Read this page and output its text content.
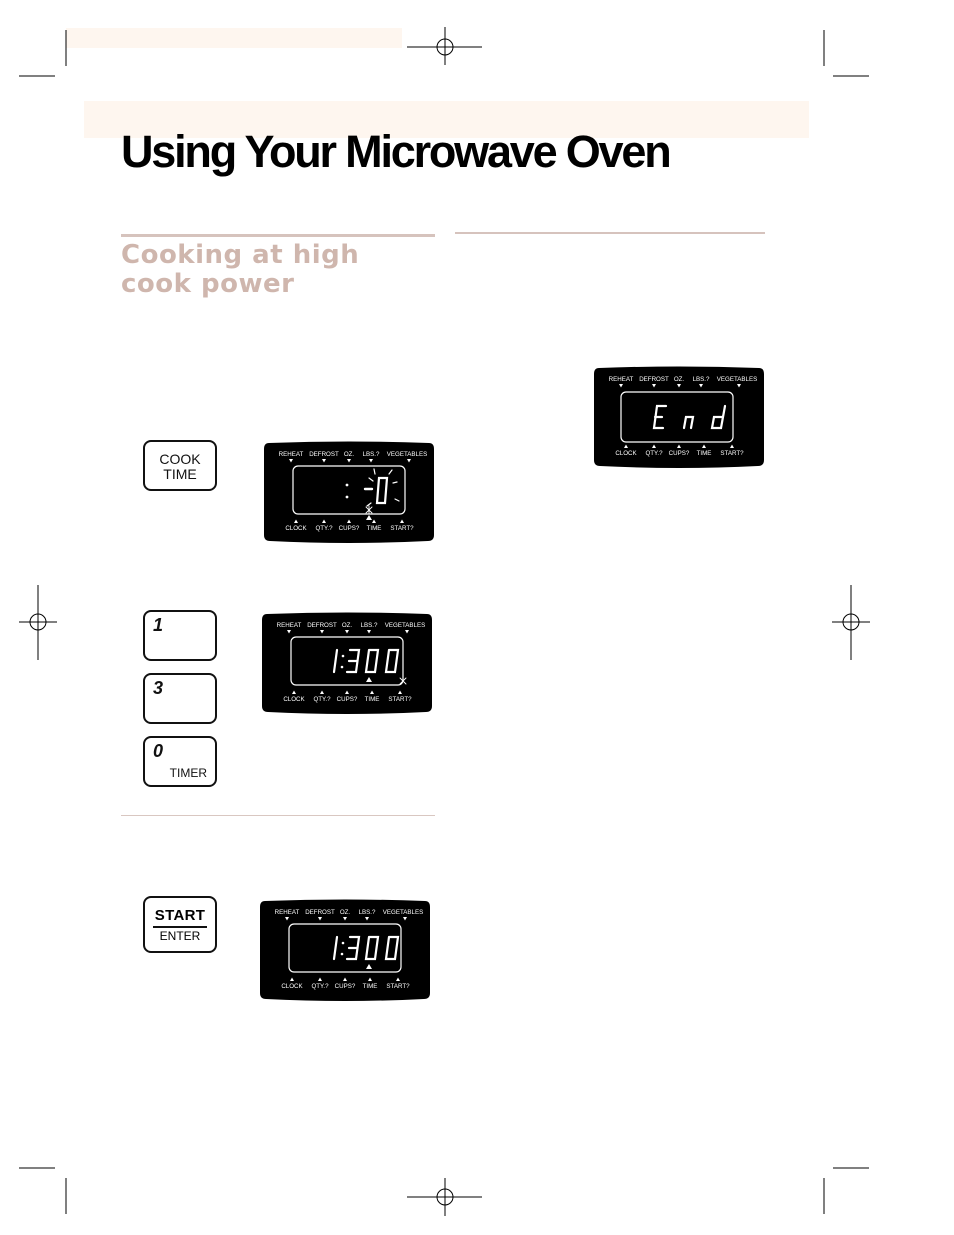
Using Your Microwave Oven
Cooking at high
cook power
COOK
TIME
1
3
0
TIMER
START
ENTER
REHEAT DEFROST OZ. LBS.? VEGETABLES
CLOCK QTY.? CUPS? TIME START?
REHEAT DEFROST OZ. LBS.? VEGETABLES
CLOCK QTY.? CUPS? TIME START?
REHEAT DEFROST OZ. LBS.? VEGETABLES
CLOCK QTY.? CUPS? TIME START?
REHEAT DEFROST OZ. LBS.? VEGETABLES
CLOCK QTY.? CUPS? TIME START?
